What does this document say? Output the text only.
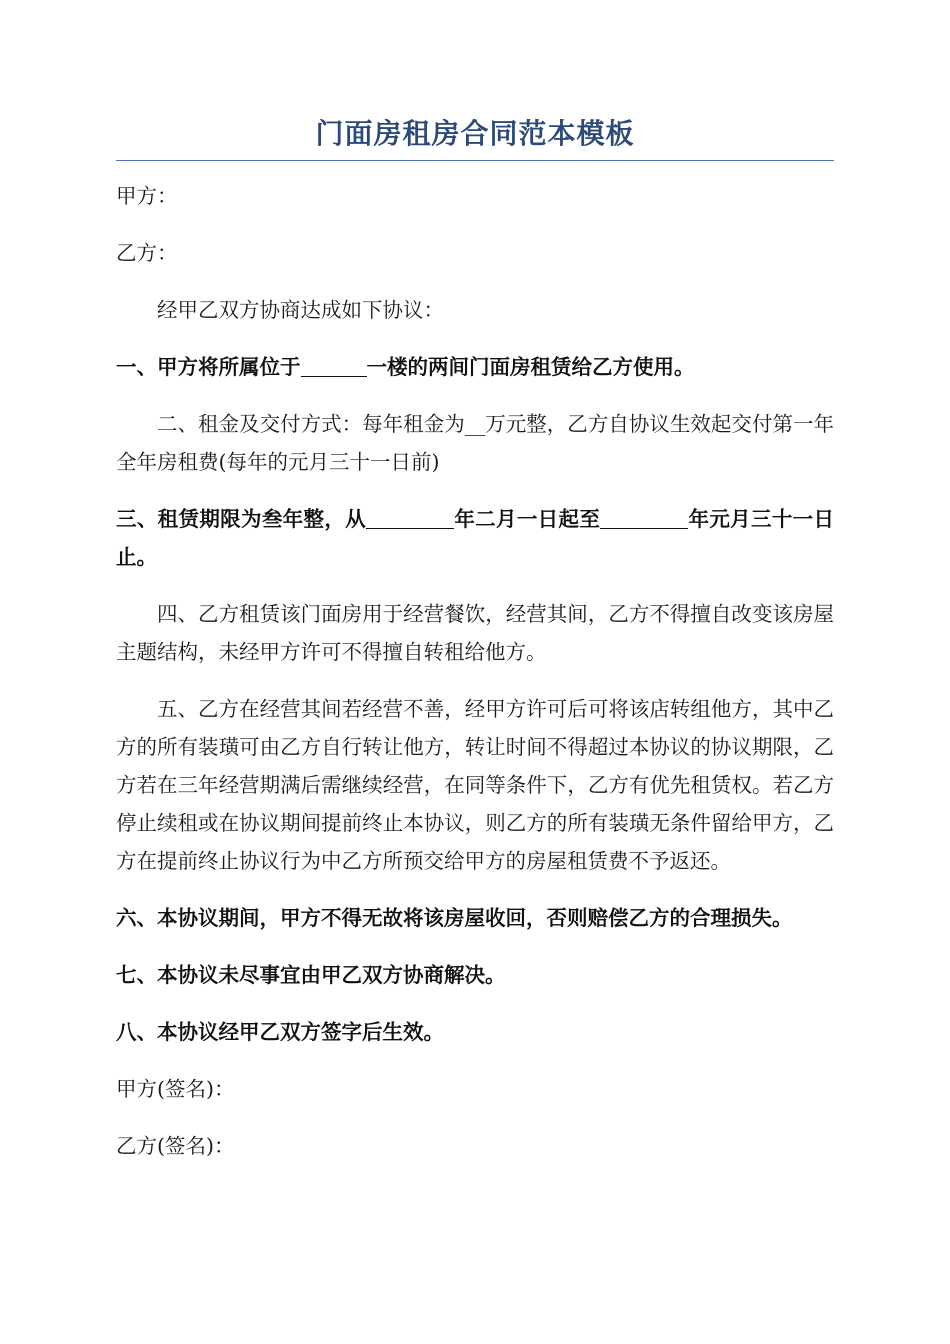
门面房租房合同范本模板

甲方：

乙方：

经甲乙双方协商达成如下协议：

一、甲方将所属位于	一楼的两间门面房租赁给乙方使用。

二、租金及交付方式：每年租金为__万元整，乙方自协议生效起交付第一年全年房租费(每年的元月三十一日前)

三、租赁期限为叁年整，从	年二月一日起至	年元月三十一日止。

四、乙方租赁该门面房用于经营餐饮，经营其间，乙方不得擅自改变该房屋主题结构，未经甲方许可不得擅自转租给他方。

五、乙方在经营其间若经营不善，经甲方许可后可将该店转组他方，其中乙方的所有装璜可由乙方自行转让他方，转让时间不得超过本协议的协议期限，乙方若在三年经营期满后需继续经营，在同等条件下，乙方有优先租赁权。若乙方停止续租或在协议期间提前终止本协议，则乙方的所有装璜无条件留给甲方，乙方在提前终止协议行为中乙方所预交给甲方的房屋租赁费不予返还。

六、本协议期间，甲方不得无故将该房屋收回，否则赔偿乙方的合理损失。

七、本协议未尽事宜由甲乙双方协商解决。

八、本协议经甲乙双方签字后生效。

甲方(签名)：

乙方(签名)：
